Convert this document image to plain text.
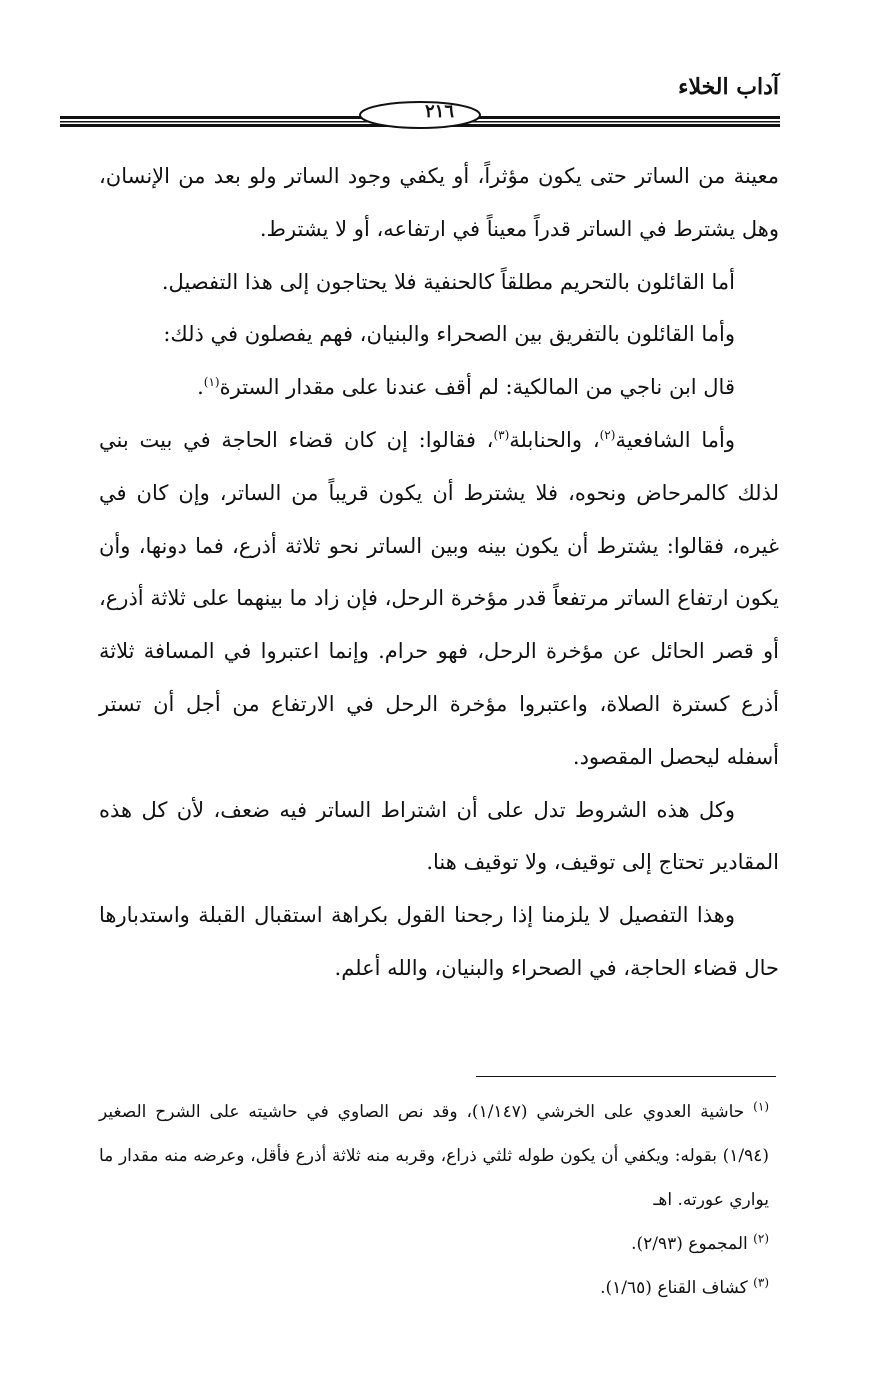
آداب الخلاء
٢١٦

معينة من الساتر حتى يكون مؤثراً، أو يكفي وجود الساتر ولو بعد من الإنسان، وهل يشترط في الساتر قدراً معيناً في ارتفاعه، أو لا يشترط.

أما القائلون بالتحريم مطلقاً كالحنفية فلا يحتاجون إلى هذا التفصيل.

وأما القائلون بالتفريق بين الصحراء والبنيان، فهم يفصلون في ذلك:

قال ابن ناجي من المالكية: لم أقف عندنا على مقدار السترة$^{(١)}$.

وأما الشافعية$^{(٢)}$، والحنابلة$^{(٣)}$، فقالوا: إن كان قضاء الحاجة في بيت بني لذلك كالمرحاض ونحوه، فلا يشترط أن يكون قريباً من الساتر، وإن كان في غيره، فقالوا: يشترط أن يكون بينه وبين الساتر نحو ثلاثة أذرع، فما دونها، وأن يكون ارتفاع الساتر مرتفعاً قدر مؤخرة الرحل، فإن زاد ما بينهما على ثلاثة أذرع، أو قصر الحائل عن مؤخرة الرحل، فهو حرام. وإنما اعتبروا في المسافة ثلاثة أذرع كسترة الصلاة، واعتبروا مؤخرة الرحل في الارتفاع من أجل أن تستر أسفله ليحصل المقصود.

وكل هذه الشروط تدل على أن اشتراط الساتر فيه ضعف، لأن كل هذه المقادير تحتاج إلى توقيف، ولا توقيف هنا.

وهذا التفصيل لا يلزمنا إذا رجحنا القول بكراهة استقبال القبلة واستدبارها حال قضاء الحاجة، في الصحراء والبنيان، والله أعلم.

$^{(١)}$ حاشية العدوي على الخرشي (١/١٤٧)، وقد نص الصاوي في حاشيته على الشرح الصغير (١/٩٤) بقوله: ويكفي أن يكون طوله ثلثي ذراع، وقربه منه ثلاثة أذرع فأقل، وعرضه منه مقدار ما يواري عورته. اهـ

$^{(٢)}$ المجموع (٢/٩٣).

$^{(٣)}$ كشاف القناع (١/٦٥).
